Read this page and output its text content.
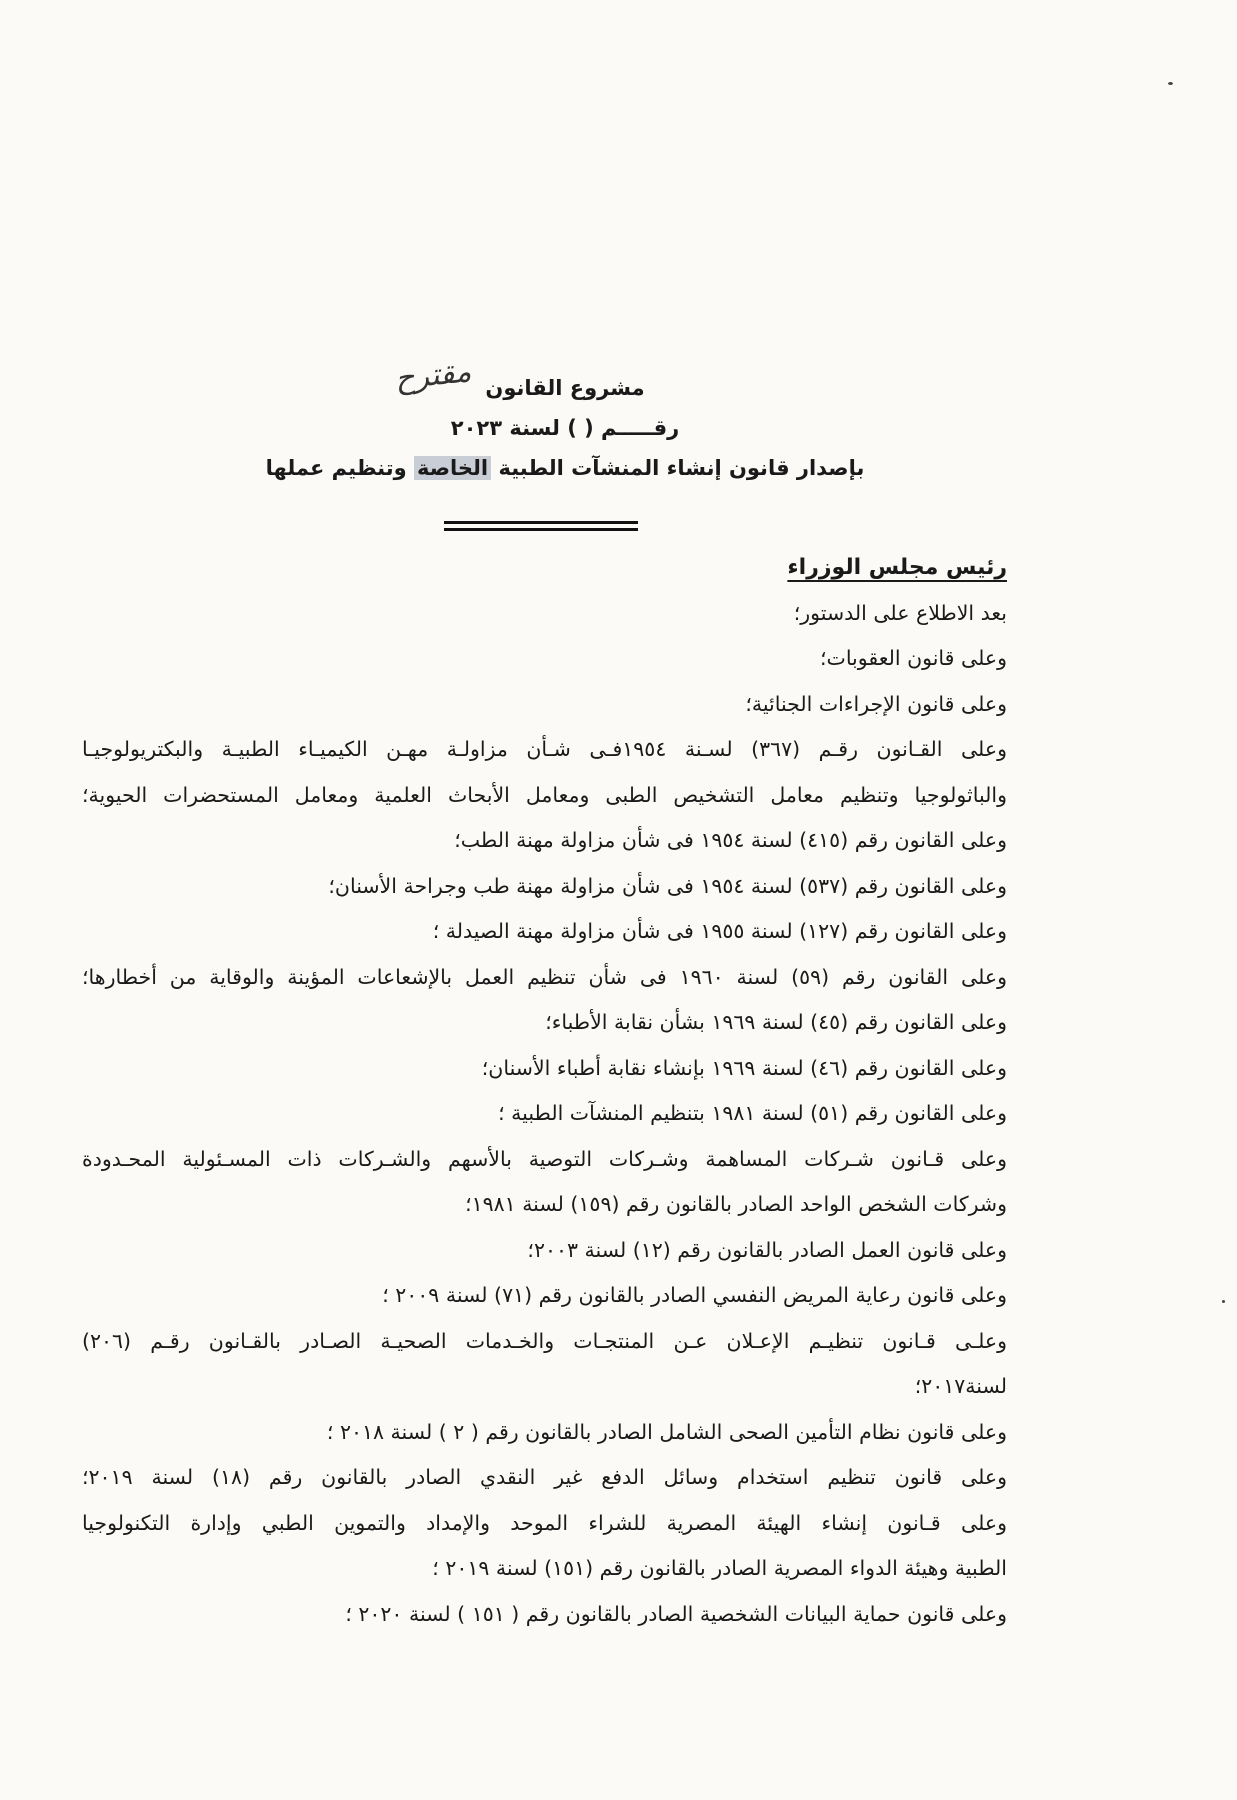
مقترح مشروع القانون
رقـــــم ( ) لسنة ٢٠٢٣
بإصدار قانون إنشاء المنشآت الطبية الخاصة وتنظيم عملها
رئيس مجلس الوزراء
بعد الاطلاع على الدستور؛
وعلى قانون العقوبات؛
وعلى قانون الإجراءات الجنائية؛
وعلى القـانون رقـم (٣٦٧) لسـنة ١٩٥٤فـى شـأن مزاولـة مهـن الكيميـاء الطبيـة والبكتريولوجيـا
والباثولوجيا وتنظيم معامل التشخيص الطبى ومعامل الأبحاث العلمية ومعامل المستحضرات الحيوية؛
وعلى القانون رقم (٤١٥) لسنة ١٩٥٤ فى شأن مزاولة مهنة الطب؛
وعلى القانون رقم (٥٣٧) لسنة ١٩٥٤ فى شأن مزاولة مهنة طب وجراحة الأسنان؛
وعلى القانون رقم (١٢٧) لسنة ١٩٥٥ فى شأن مزاولة مهنة الصيدلة ؛
وعلى القانون رقم (٥٩) لسنة ١٩٦٠ فى شأن تنظيم العمل بالإشعاعات المؤينة والوقاية من أخطارها؛
وعلى القانون رقم (٤٥) لسنة ١٩٦٩ بشأن نقابة الأطباء؛
وعلى القانون رقم (٤٦) لسنة ١٩٦٩ بإنشاء نقابة أطباء الأسنان؛
وعلى القانون رقم (٥١) لسنة ١٩٨١ بتنظيم المنشآت الطبية ؛
وعلى قـانون شـركات المساهمة وشـركات التوصية بالأسهم والشـركات ذات المسـئولية المحـدودة
وشركات الشخص الواحد الصادر بالقانون رقم (١٥٩) لسنة ١٩٨١؛
وعلى قانون العمل الصادر بالقانون رقم (١٢) لسنة ٢٠٠٣؛
وعلى قانون رعاية المريض النفسي الصادر بالقانون رقم (٧١) لسنة ٢٠٠٩ ؛
وعلـى قـانون تنظيـم الإعـلان عـن المنتجـات والخـدمات الصحيـة الصـادر بالقـانون رقـم (٢٠٦)
لسنة٢٠١٧؛
وعلى قانون نظام التأمين الصحى الشامل الصادر بالقانون رقم ( ٢ ) لسنة ٢٠١٨ ؛
وعلى قانون تنظيم استخدام وسائل الدفع غير النقدي الصادر بالقانون رقم (١٨) لسنة ٢٠١٩؛
وعلى قـانون إنشاء الهيئة المصرية للشراء الموحد والإمداد والتموين الطبي وإدارة التكنولوجيا
الطبية وهيئة الدواء المصرية الصادر بالقانون رقم (١٥١) لسنة ٢٠١٩ ؛
وعلى قانون حماية البيانات الشخصية الصادر بالقانون رقم ( ١٥١ ) لسنة ٢٠٢٠ ؛
